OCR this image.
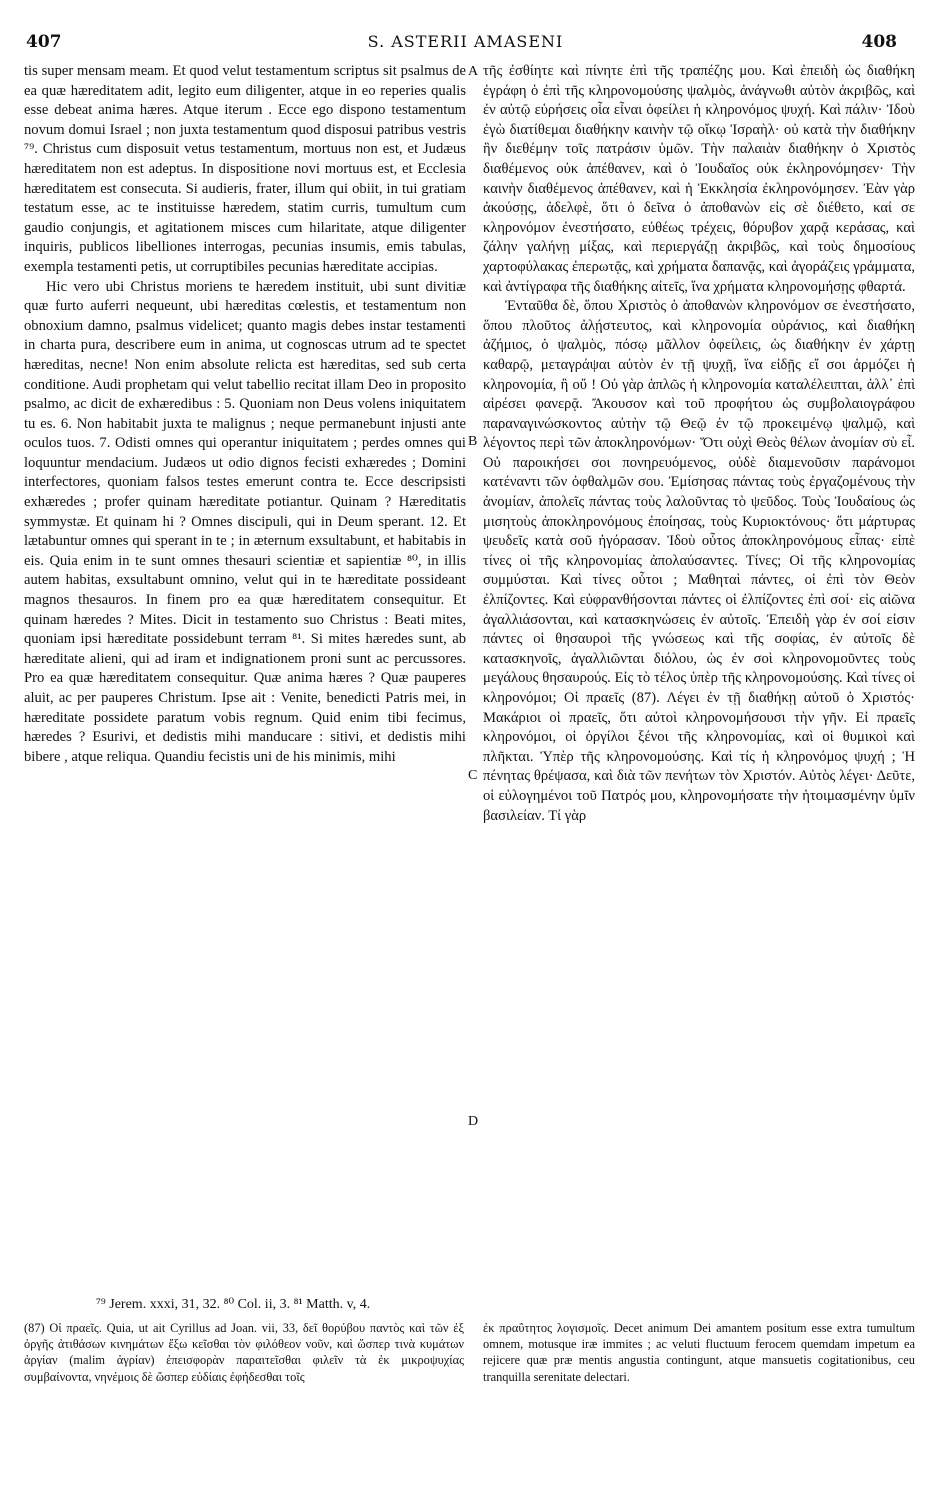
407	S. ASTERII AMASENI	408

tis super mensam meam. Et quod velut testamentum scriptus sit psalmus de ea quæ hæreditatem adit, legito eum diligenter, atque in eo reperies qualis esse debeat anima hæres. Atque iterum . Ecce ego dispono testamentum novum domui Israel ; non juxta testamentum quod disposui patribus vestris ⁷⁹. Christus cum disposuit vetus testamentum, mortuus non est, et Judæus hæreditatem non est adeptus. In dispositione novi mortuus est, et Ecclesia hæreditatem est consecuta. Si audieris, frater, illum qui obiit, in tui gratiam testatum esse, ac te instituisse hæredem, statim curris, tumultum cum gaudio conjungis, et agitationem misces cum hilaritate, atque diligenter inquiris, publicos libelliones interrogas, pecunias insumis, emis tabulas, exempla testamenti petis, ut corruptibiles pecunias hæreditate accipias.

Hic vero ubi Christus moriens te hæredem instituit, ubi sunt divitiæ quæ furto auferri nequeunt, ubi hæreditas cœlestis, et testamentum non obnoxium damno, psalmus videlicet; quanto magis debes instar testamenti in charta pura, describere eum in anima, ut cognoscas utrum ad te spectet hæreditas, necne! Non enim absolute relicta est hæreditas, sed sub certa conditione. Audi prophetam qui velut tabellio recitat illam Deo in proposito psalmo, ac dicit de exhæredibus : 5. Quoniam non Deus volens iniquitatem tu es. 6. Non habitabit juxta te malignus ; neque permanebunt injusti ante oculos tuos. 7. Odisti omnes qui operantur iniquitatem ; perdes omnes qui loquuntur mendacium. Judæos ut odio dignos fecisti exhæredes ; Domini interfectores, quoniam falsos testes emerunt contra te. Ecce descripsisti exhæredes ; profer quinam hæreditate potiantur. Quinam ? Hæreditatis symmystæ. Et quinam hi ? Omnes discipuli, qui in Deum sperant. 12. Et lætabuntur omnes qui sperant in te ; in æternum exsultabunt, et habitabis in eis. Quia enim in te sunt omnes thesauri scientiæ et sapientiæ ⁸⁰, in illis autem habitas, exsultabunt omnino, velut qui in te hæreditate possideant magnos thesauros. In finem pro ea quæ hæreditatem consequitur. Et quinam hæredes ? Mites. Dicit in testamento suo Christus : Beati mites, quoniam ipsi hæreditate possidebunt terram ⁸¹. Si mites hæredes sunt, ab hæreditate alieni, qui ad iram et indignationem proni sunt ac percussores. Pro ea quæ hæreditatem consequitur. Quæ anima hæres ? Quæ pauperes aluit, ac per pauperes Christum. Ipse ait : Venite, benedicti Patris mei, in hæreditate possidete paratum vobis regnum. Quid enim tibi fecimus, hæredes ? Esurivi, et dedistis mihi manducare : sitivi, et dedistis mihi bibere , atque reliqua. Quandiu fecistis uni de his minimis, mihi

A
B
C
D

τῆς ἐσθίητε καὶ πίνητε ἐπὶ τῆς τραπέζης μου. Καὶ ἐπειδὴ ὡς διαθήκη ἐγράφη ὁ ἐπὶ τῆς κληρονομούσης ψαλμὸς, ἀνάγνωθι αὐτὸν ἀκριβῶς, καὶ ἐν αὐτῷ εὑρήσεις οἷα εἶναι ὀφείλει ἡ κληρονόμος ψυχή. Καὶ πάλιν· Ἰδοὺ ἐγὼ διατίθεμαι διαθήκην καινὴν τῷ οἴκῳ Ἰσραὴλ· οὐ κατὰ τὴν διαθήκην ἣν διεθέμην τοῖς πατράσιν ὑμῶν. Τὴν παλαιὰν διαθήκην ὁ Χριστὸς διαθέμενος οὐκ ἀπέθανεν, καὶ ὁ Ἰουδαῖος οὐκ ἐκληρονόμησεν· Τὴν καινὴν διαθέμενος ἀπέθανεν, καὶ ἡ Ἐκκλησία ἐκληρονόμησεν. Ἐὰν γὰρ ἀκούσῃς, ἀδελφὲ, ὅτι ὁ δεῖνα ὁ ἀποθανὼν εἰς σὲ διέθετο, καί σε κληρονόμον ἐνεστήσατο, εὐθέως τρέχεις, θόρυβον χαρᾷ κεράσας, καὶ ζάλην γαλήνῃ μίξας, καὶ περιεργάζῃ ἀκριβῶς, καὶ τοὺς δημοσίους χαρτοφύλακας ἐπερωτᾷς, καὶ χρήματα δαπανᾷς, καὶ ἀγοράζεις γράμματα, καὶ ἀντίγραφα τῆς διαθήκης αἰτεῖς, ἵνα χρήματα κληρονομήσῃς φθαρτά.

Ἐνταῦθα δὲ, ὅπου Χριστὸς ὁ ἀποθανὼν κληρονόμον σε ἐνεστήσατο, ὅπου πλοῦτος ἀλῄστευτος, καὶ κληρονομία οὐράνιος, καὶ διαθήκη ἀζήμιος, ὁ ψαλμὸς, πόσῳ μᾶλλον ὀφείλεις, ὡς διαθήκην ἐν χάρτῃ καθαρῷ, μεταγράψαι αὐτὸν ἐν τῇ ψυχῇ, ἵνα εἰδῇς εἴ σοι ἁρμόζει ἡ κληρονομία, ἢ οὔ ! Οὐ γὰρ ἁπλῶς ἡ κληρονομία καταλέλειπται, ἀλλ᾽ ἐπὶ αἱρέσει φανερᾷ. Ἄκουσον καὶ τοῦ προφήτου ὡς συμβολαιογράφου παραναγινώσκοντος αὐτὴν τῷ Θεῷ ἐν τῷ προκειμένῳ ψαλμῷ, καὶ λέγοντος περὶ τῶν ἀποκληρονόμων· Ὅτι οὐχὶ Θεὸς θέλων ἀνομίαν σὺ εἶ. Οὐ παροικήσει σοι πονηρευόμενος, οὐδὲ διαμενοῦσιν παράνομοι κατέναντι τῶν ὀφθαλμῶν σου. Ἐμίσησας πάντας τοὺς ἐργαζομένους τὴν ἀνομίαν, ἀπολεῖς πάντας τοὺς λαλοῦντας τὸ ψεῦδος. Τοὺς Ἰουδαίους ὡς μισητοὺς ἀποκληρονόμους ἐποίησας, τοὺς Κυριοκτόνους· ὅτι μάρτυρας ψευδεῖς κατὰ σοῦ ἠγόρασαν. Ἰδοὺ οὗτος ἀποκληρονόμους εἶπας· εἰπὲ τίνες οἱ τῆς κληρονομίας ἀπολαύσαντες. Τίνες; Οἱ τῆς κληρονομίας συμμύσται. Καὶ τίνες οὗτοι ; Μαθηταὶ πάντες, οἱ ἐπὶ τὸν Θεὸν ἐλπίζοντες. Καὶ εὐφρανθήσονται πάντες οἱ ἐλπίζοντες ἐπὶ σοί· εἰς αἰῶνα ἀγαλλιάσονται, καὶ κατασκηνώσεις ἐν αὐτοῖς. Ἐπειδὴ γὰρ ἐν σοί εἰσιν πάντες οἱ θησαυροὶ τῆς γνώσεως καὶ τῆς σοφίας, ἐν αὐτοῖς δὲ κατασκηνοῖς, ἀγαλλιῶνται διόλου, ὡς ἐν σοὶ κληρονομοῦντες τοὺς μεγάλους θησαυρούς. Εἰς τὸ τέλος ὑπὲρ τῆς κληρονομούσης. Καὶ τίνες οἱ κληρονόμοι; Οἱ πραεῖς (87). Λέγει ἐν τῇ διαθήκῃ αὐτοῦ ὁ Χριστός· Μακάριοι οἱ πραεῖς, ὅτι αὐτοὶ κληρονομήσουσι τὴν γῆν. Εἰ πραεῖς κληρονόμοι, οἱ ὀργίλοι ξένοι τῆς κληρονομίας, καὶ οἱ θυμικοὶ καὶ πλῆκται. Ὑπὲρ τῆς κληρονομούσης. Καὶ τίς ἡ κληρονόμος ψυχή ; Ἡ πένητας θρέψασα, καὶ διὰ τῶν πενήτων τὸν Χριστόν. Αὐτὸς λέγει· Δεῦτε, οἱ εὐλογημένοι τοῦ Πατρός μου, κληρονομήσατε τὴν ἡτοιμασμένην ὑμῖν βασιλείαν. Τί γὰρ

⁷⁹ Jerem. xxxi, 31, 32. ⁸⁰ Col. ii, 3. ⁸¹ Matth. v, 4.
(87) Οἱ πραεῖς. Quia, ut ait Cyrillus ad Joan. vii, 33, δεῖ θορύβου παντὸς καὶ τῶν ἐξ ὀργῆς ἀτιθάσων κινημάτων ἔξω κεῖσθαι τὸν φιλόθεον νοῦν, καὶ ὥσπερ τινὰ κυμάτων ἀργίαν (malim ἀγρίαν) ἐπεισφορὰν παραιτεῖσθαι φιλεῖν τὰ ἐκ μικροψυχίας συμβαίνοντα, νηνέμοις δὲ ὥσπερ εὐδίαις ἐφήδεσθαι τοῖς
ἐκ πραΰτητος λογισμοῖς. Decet animum Dei amantem positum esse extra tumultum omnem, motusque iræ immites ; ac veluti fluctuum ferocem quemdam impetum ea rejicere quæ præ mentis angustia contingunt, atque mansuetis cogitationibus, ceu tranquilla serenitate delectari.
